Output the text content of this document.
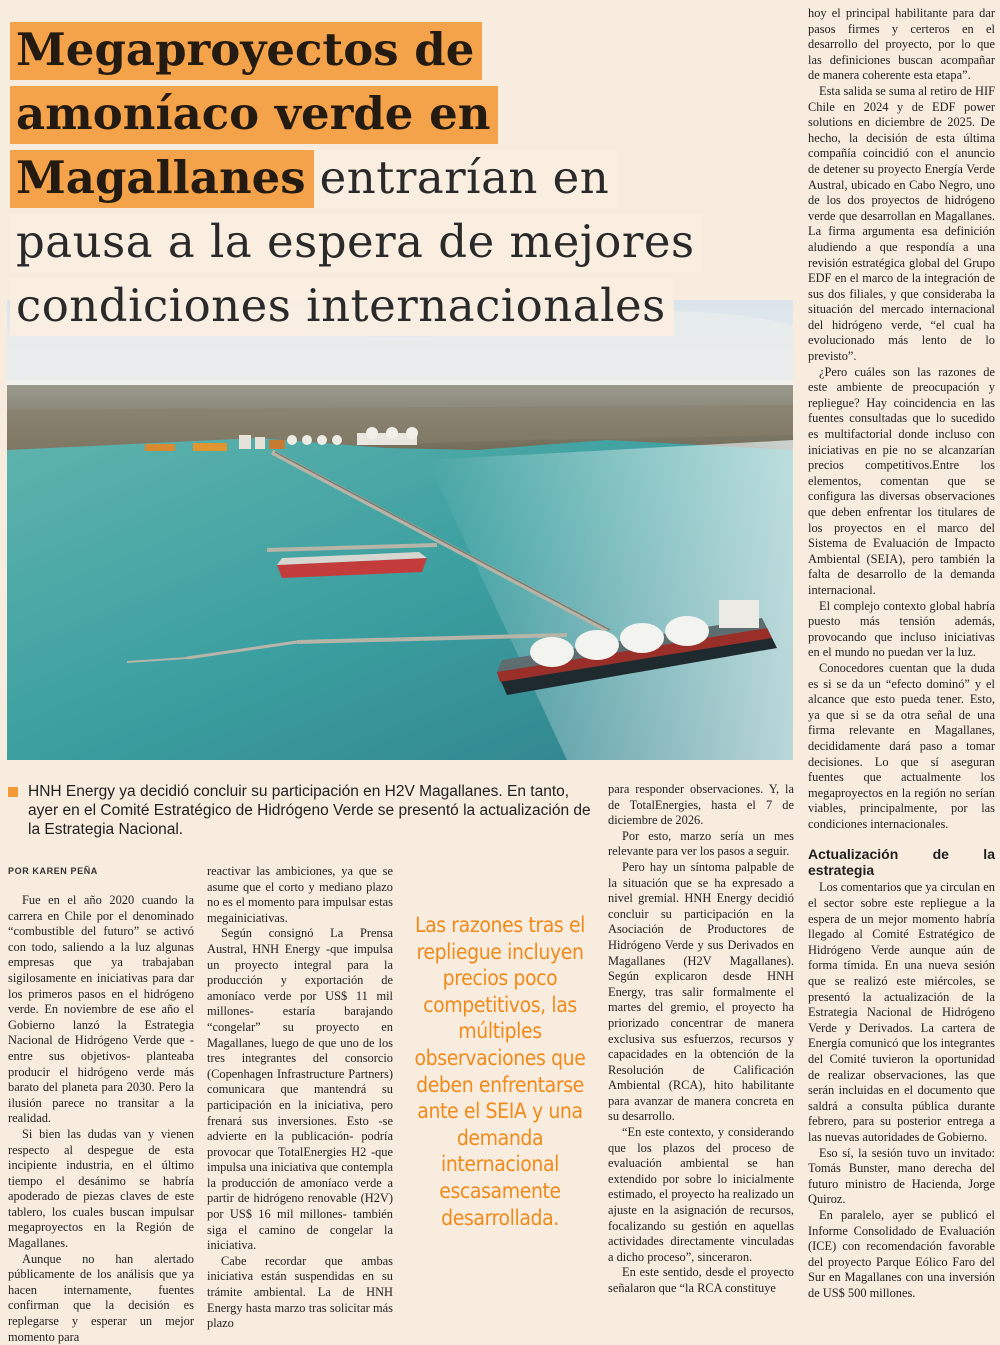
Megaproyectos de
amoníaco verde en
Magallanes entrarían en
pausa a la espera de mejores
condiciones internacionales

hoy el principal habilitante para dar pasos firmes y certeros en el desarrollo del proyecto, por lo que las definiciones buscan acompañar de manera coherente esta etapa”.

Esta salida se suma al retiro de HIF Chile en 2024 y de EDF power solutions en diciembre de 2025. De hecho, la decisión de esta última compañía coincidió con el anuncio de detener su proyecto Energía Verde Austral, ubicado en Cabo Negro, uno de los dos proyectos de hidrógeno verde que desarrollan en Magallanes. La firma argumenta esa definición aludiendo a que respondía a una revisión estratégica global del Grupo EDF en el marco de la integración de sus dos filiales, y que consideraba la situación del mercado internacional del hidrógeno verde, “el cual ha evolucionado más lento de lo previsto”.

¿Pero cuáles son las razones de este ambiente de preocupación y repliegue? Hay coincidencia en las fuentes consultadas que lo sucedido es multifactorial donde incluso con iniciativas en pie no se alcanzarían precios competitivos.Entre los elementos, comentan que se configura las diversas observaciones que deben enfrentar los titulares de los proyectos en el marco del Sistema de Evaluación de Impacto Ambiental (SEIA), pero también la falta de desarrollo de la demanda internacional.

El complejo contexto global habría puesto más tensión además, provocando que incluso iniciativas en el mundo no puedan ver la luz.

Conocedores cuentan que la duda es si se da un “efecto dominó” y el alcance que esto pueda tener. Esto, ya que si se da otra señal de una firma relevante en Magallanes, decididamente dará paso a tomar decisiones. Lo que sí aseguran fuentes que actualmente los megaproyectos en la región no serían viables, principalmente, por las condiciones internacionales.

Actualización de la estrategia

Los comentarios que ya circulan en el sector sobre este repliegue a la espera de un mejor momento habría llegado al Comité Estratégico de Hidrógeno Verde aunque aún de forma tímida. En una nueva sesión que se realizó este miércoles, se presentó la actualización de la Estrategia Nacional de Hidrógeno Verde y Derivados. La cartera de Energía comunicó que los integrantes del Comité tuvieron la oportunidad de realizar observaciones, las que serán incluidas en el documento que saldrá a consulta pública durante febrero, para su posterior entrega a las nuevas autoridades de Gobierno.

Eso sí, la sesión tuvo un invitado: Tomás Bunster, mano derecha del futuro ministro de Hacienda, Jorge Quiroz.

En paralelo, ayer se publicó el Informe Consolidado de Evaluación (ICE) con recomendación favorable del proyecto Parque Eólico Faro del Sur en Magallanes con una inversión de US$ 500 millones.

HNH Energy ya decidió concluir su participación en H2V Magallanes. En tanto, ayer en el Comité Estratégico de Hidrógeno Verde se presentó la actualización de la Estrategia Nacional.

POR KAREN PEÑA

Fue en el año 2020 cuando la carrera en Chile por el denominado “combustible del futuro” se activó con todo, saliendo a la luz algunas empresas que ya trabajaban sigilosamente en iniciativas para dar los primeros pasos en el hidrógeno verde. En noviembre de ese año el Gobierno lanzó la Estrategia Nacional de Hidrógeno Verde que -entre sus objetivos- planteaba producir el hidrógeno verde más barato del planeta para 2030. Pero la ilusión parece no transitar a la realidad.

Si bien las dudas van y vienen respecto al despegue de esta incipiente industria, en el último tiempo el desánimo se habría apoderado de piezas claves de este tablero, los cuales buscan impulsar megaproyectos en la Región de Magallanes.

Aunque no han alertado públicamente de los análisis que ya hacen internamente, fuentes confirman que la decisión es replegarse y esperar un mejor momento para

reactivar las ambiciones, ya que se asume que el corto y mediano plazo no es el momento para impulsar estas megainiciativas.

Según consignó La Prensa Austral, HNH Energy -que impulsa un proyecto integral para la producción y exportación de amoníaco verde por US$ 11 mil millones- estaría barajando “congelar” su proyecto en Magallanes, luego de que uno de los tres integrantes del consorcio (Copenhagen Infrastructure Partners) comunicara que mantendrá su participación en la iniciativa, pero frenará sus inversiones. Esto -se advierte en la publicación- podría provocar que TotalEnergies H2 -que impulsa una iniciativa que contempla la producción de amoníaco verde a partir de hidrógeno renovable (H2V) por US$ 16 mil millones- también siga el camino de congelar la iniciativa.

Cabe recordar que ambas iniciativa están suspendidas en su trámite ambiental. La de HNH Energy hasta marzo tras solicitar más plazo

Las razones tras el repliegue incluyen precios poco competitivos, las múltiples observaciones que deben enfrentarse ante el SEIA y una demanda internacional escasamente desarrollada.

para responder observaciones. Y, la de TotalEnergies, hasta el 7 de diciembre de 2026.

Por esto, marzo sería un mes relevante para ver los pasos a seguir.

Pero hay un síntoma palpable de la situación que se ha expresado a nivel gremial. HNH Energy decidió concluir su participación en la Asociación de Productores de Hidrógeno Verde y sus Derivados en Magallanes (H2V Magallanes). Según explicaron desde HNH Energy, tras salir formalmente el martes del gremio, el proyecto ha priorizado concentrar de manera exclusiva sus esfuerzos, recursos y capacidades en la obtención de la Resolución de Calificación Ambiental (RCA), hito habilitante para avanzar de manera concreta en su desarrollo.

“En este contexto, y considerando que los plazos del proceso de evaluación ambiental se han extendido por sobre lo inicialmente estimado, el proyecto ha realizado un ajuste en la asignación de recursos, focalizando su gestión en aquellas actividades directamente vinculadas a dicho proceso”, sinceraron.

En este sentido, desde el proyecto señalaron que “la RCA constituye
